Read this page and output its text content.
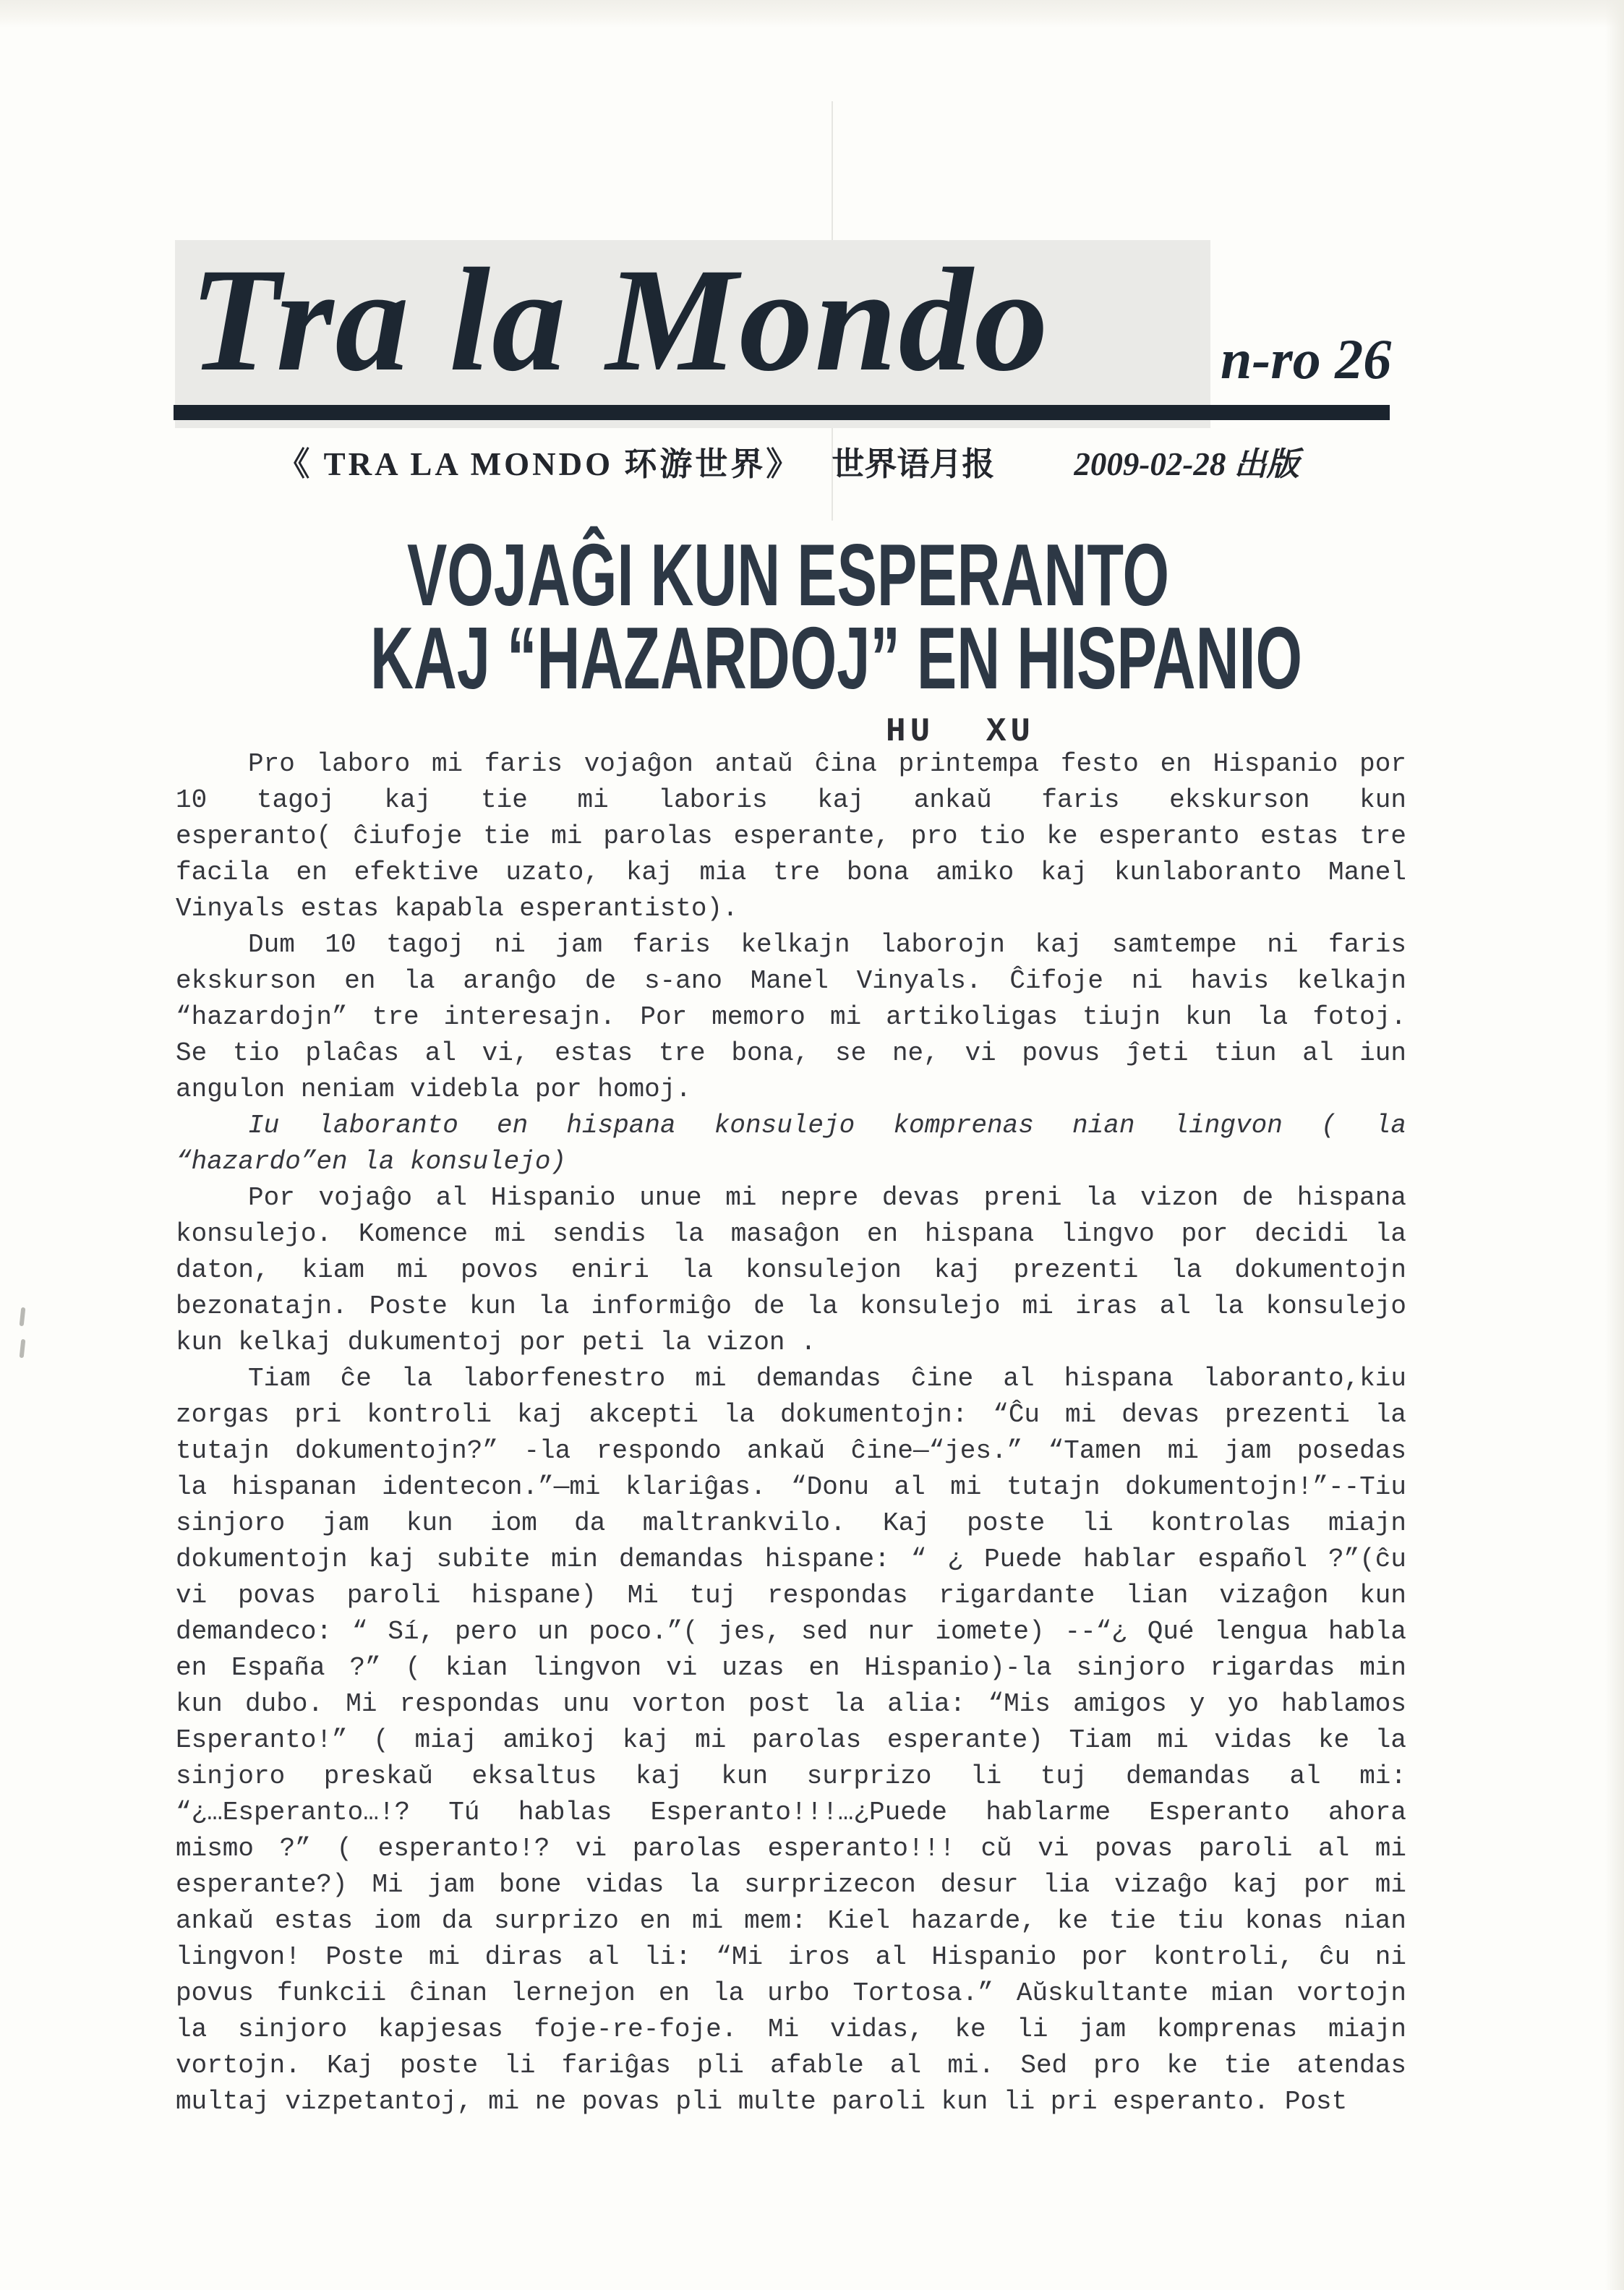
Tra la Mondo	n-ro 26
《 TRA LA MONDO 环游世界》 世界语月报 2009-02-28 出版
VOJAĜI KUN ESPERANTO
KAJ “HAZARDOJ” EN HISPANIO
HU XU
Pro laboro mi faris vojaĝon antaŭ ĉina printempa festo en Hispanio por
10 tagoj kaj tie mi laboris kaj ankaŭ faris ekskurson kun
esperanto( ĉiufoje tie mi parolas esperante, pro tio ke esperanto estas tre
facila en efektive uzato, kaj mia tre bona amiko kaj kunlaboranto Manel
Vinyals estas kapabla esperantisto).
Dum 10 tagoj ni jam faris kelkajn laborojn kaj samtempe ni faris
ekskurson en la aranĝo de s-ano Manel Vinyals. Ĉifoje ni havis kelkajn
“hazardojn” tre interesajn. Por memoro mi artikoligas tiujn kun la fotoj.
Se tio plaĉas al vi, estas tre bona, se ne, vi povus ĵeti tiun al iun
angulon neniam videbla por homoj.
Iu laboranto en hispana konsulejo komprenas nian lingvon ( la
“hazardo”en la konsulejo)
Por vojaĝo al Hispanio unue mi nepre devas preni la vizon de hispana
konsulejo. Komence mi sendis la masaĝon en hispana lingvo por decidi la
daton, kiam mi povos eniri la konsulejon kaj prezenti la dokumentojn
bezonatajn. Poste kun la informiĝo de la konsulejo mi iras al la konsulejo
kun kelkaj dukumentoj por peti la vizon .
Tiam ĉe la laborfenestro mi demandas ĉine al hispana laboranto,kiu
zorgas pri kontroli kaj akcepti la dokumentojn: “Ĉu mi devas prezenti la
tutajn dokumentojn?” -la respondo ankaŭ ĉine—“jes.” “Tamen mi jam posedas
la hispanan identecon.”—mi klariĝas. “Donu al mi tutajn dokumentojn!”--Tiu
sinjoro jam kun iom da maltrankvilo. Kaj poste li kontrolas miajn
dokumentojn kaj subite min demandas hispane: “ ¿ Puede hablar español ?”(ĉu
vi povas paroli hispane) Mi tuj respondas rigardante lian vizaĝon kun
demandeco: “ Sí, pero un poco.”( jes, sed nur iomete) --“¿ Qué lengua habla
en España ?” ( kian lingvon vi uzas en Hispanio)-la sinjoro rigardas min
kun dubo. Mi respondas unu vorton post la alia: “Mis amigos y yo hablamos
Esperanto!” ( miaj amikoj kaj mi parolas esperante) Tiam mi vidas ke la
sinjoro preskaŭ eksaltus kaj kun surprizo li tuj demandas al mi:
“¿…Esperanto…!? Tú hablas Esperanto!!!…¿Puede hablarme Esperanto ahora
mismo ?” ( esperanto!? vi parolas esperanto!!! cŭ vi povas paroli al mi
esperante?) Mi jam bone vidas la surprizecon desur lia vizaĝo kaj por mi
ankaŭ estas iom da surprizo en mi mem: Kiel hazarde, ke tie tiu konas nian
lingvon! Poste mi diras al li: “Mi iros al Hispanio por kontroli, ĉu ni
povus funkcii ĉinan lernejon en la urbo Tortosa.” Aŭskultante mian vortojn
la sinjoro kapjesas foje-re-foje. Mi vidas, ke li jam komprenas miajn
vortojn. Kaj poste li fariĝas pli afable al mi. Sed pro ke tie atendas
multaj vizpetantoj, mi ne povas pli multe paroli kun li pri esperanto. Post
